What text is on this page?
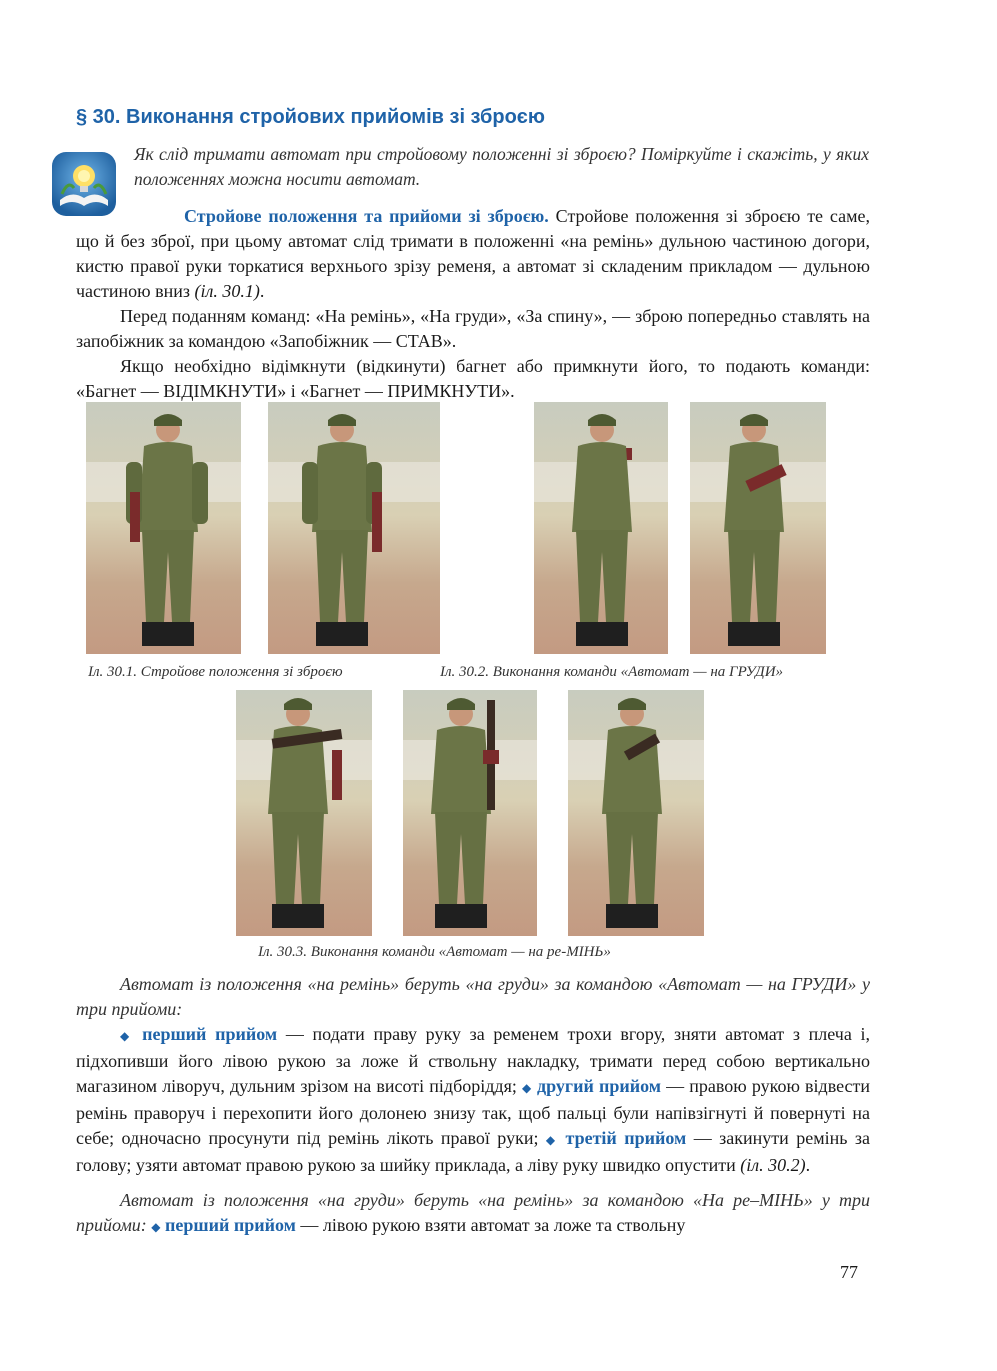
§ 30. Виконання стройових прийомів зі зброєю

Як слід тримати автомат при стройовому положенні зі зброєю? Поміркуйте і скажіть, у яких положеннях можна носити автомат.

Стройове положення та прийоми зі зброєю. Стройове положення зі зброєю те саме, що й без зброї, при цьому автомат слід тримати в положенні «на ремінь» дульною частиною догори, кистю правої руки торкатися верхнього зрізу ременя, а автомат зі складеним прикладом — дульною частиною вниз (іл. 30.1).

Перед поданням команд: «На ремінь», «На груди», «За спину», — зброю попередньо ставлять на запобіжник за командою «Запобіжник — СТАВ».

Якщо необхідно відімкнути (відкинути) багнет або примкнути його, то подають команди: «Багнет — ВІДІМКНУТИ» і «Багнет — ПРИМКНУТИ».

Іл. 30.1. Стройове положення зі зброєю	Іл. 30.2. Виконання команди «Автомат — на ГРУДИ»

Іл. 30.3. Виконання команди «Автомат — на ре-МІНЬ»

Автомат із положення «на ремінь» беруть «на груди» за командою «Автомат — на ГРУДИ» у три прийоми:

◆ перший прийом — подати праву руку за ременем трохи вгору, зняти автомат з плеча і, підхопивши його лівою рукою за ложе й ствольну накладку, тримати перед собою вертикально магазином ліворуч, дульним зрізом на висоті підборіддя; ◆ другий прийом — правою рукою відвести ремінь праворуч і перехопити його долонею знизу так, щоб пальці були напівзігнуті й повернуті на себе; одночасно просунути під ремінь лікоть правої руки; ◆ третій прийом — закинути ремінь за голову; узяти автомат правою рукою за шийку приклада, а ліву руку швидко опустити (іл. 30.2).

Автомат із положення «на груди» беруть «на ремінь» за командою «На ре–МІНЬ» у три прийоми: ◆ перший прийом — лівою рукою взяти автомат за ложе та ствольну

77
